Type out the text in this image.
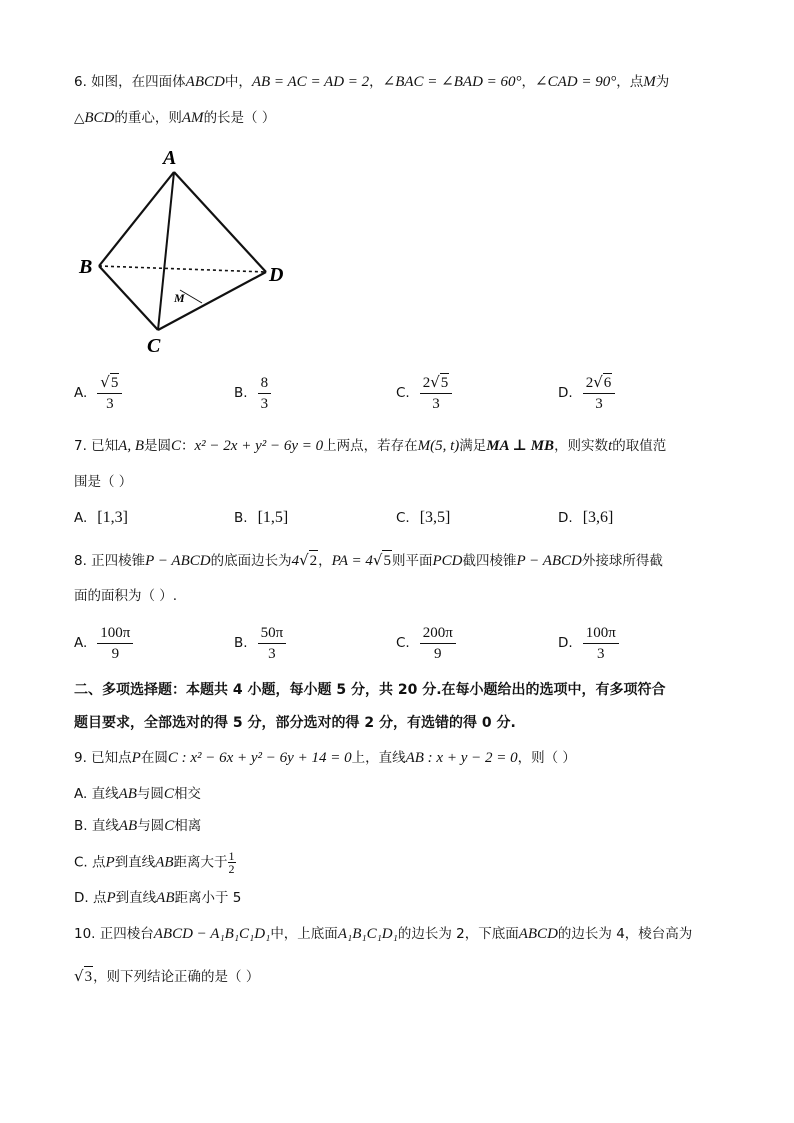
6. 如图，在四面体ABCD中，AB = AC = AD = 2，∠BAC = ∠BAD = 60°，∠CAD = 90°，点M为
△BCD的重心，则AM的长是（ ）
A
B
C
D
M
A. $\frac{√ 5}{3}$	B. $\frac{8}{3}$	C. $\frac{2 √ 5}{3}$	D. $\frac{2 √ 6}{3}$
7. 已知A, B是圆C：x² − 2x + y² − 6y = 0上两点，若存在M(5, t)满足MA ⊥ MB，则实数t的取值范
围是（ ）
A. [1,3]	B. [1,5]	C. [3,5]	D. [3,6]
8. 正四棱锥P − ABCD的底面边长为4 √ 2 ，PA = 4 √ 5 则平面PCD截四棱锥P − ABCD外接球所得截
面的面积为（ ）.
A. $\frac{100\pi}{9}$	B. $\frac{50\pi}{3}$	C. $\frac{200\pi}{9}$	D. $\frac{100\pi}{3}$
二、多项选择题：本题共 4 小题，每小题 5 分，共 20 分.在每小题给出的选项中，有多项符合
题目要求，全部选对的得 5 分，部分选对的得 2 分，有选错的得 0 分.
9. 已知点P在圆C : x² − 6x + y² − 6y + 14 = 0上，直线AB : x + y − 2 = 0，则（ ）
A. 直线AB与圆C相交
B. 直线AB与圆C相离
C. 点P到直线AB距离大于 $\frac{1}{2}$
D. 点P到直线AB距离小于 5
10. 正四棱台ABCD − A₁B₁C₁D₁中，上底面A₁B₁C₁D₁的边长为 2，下底面ABCD的边长为 4，棱台高为
√ 3 ，则下列结论正确的是（ ）
